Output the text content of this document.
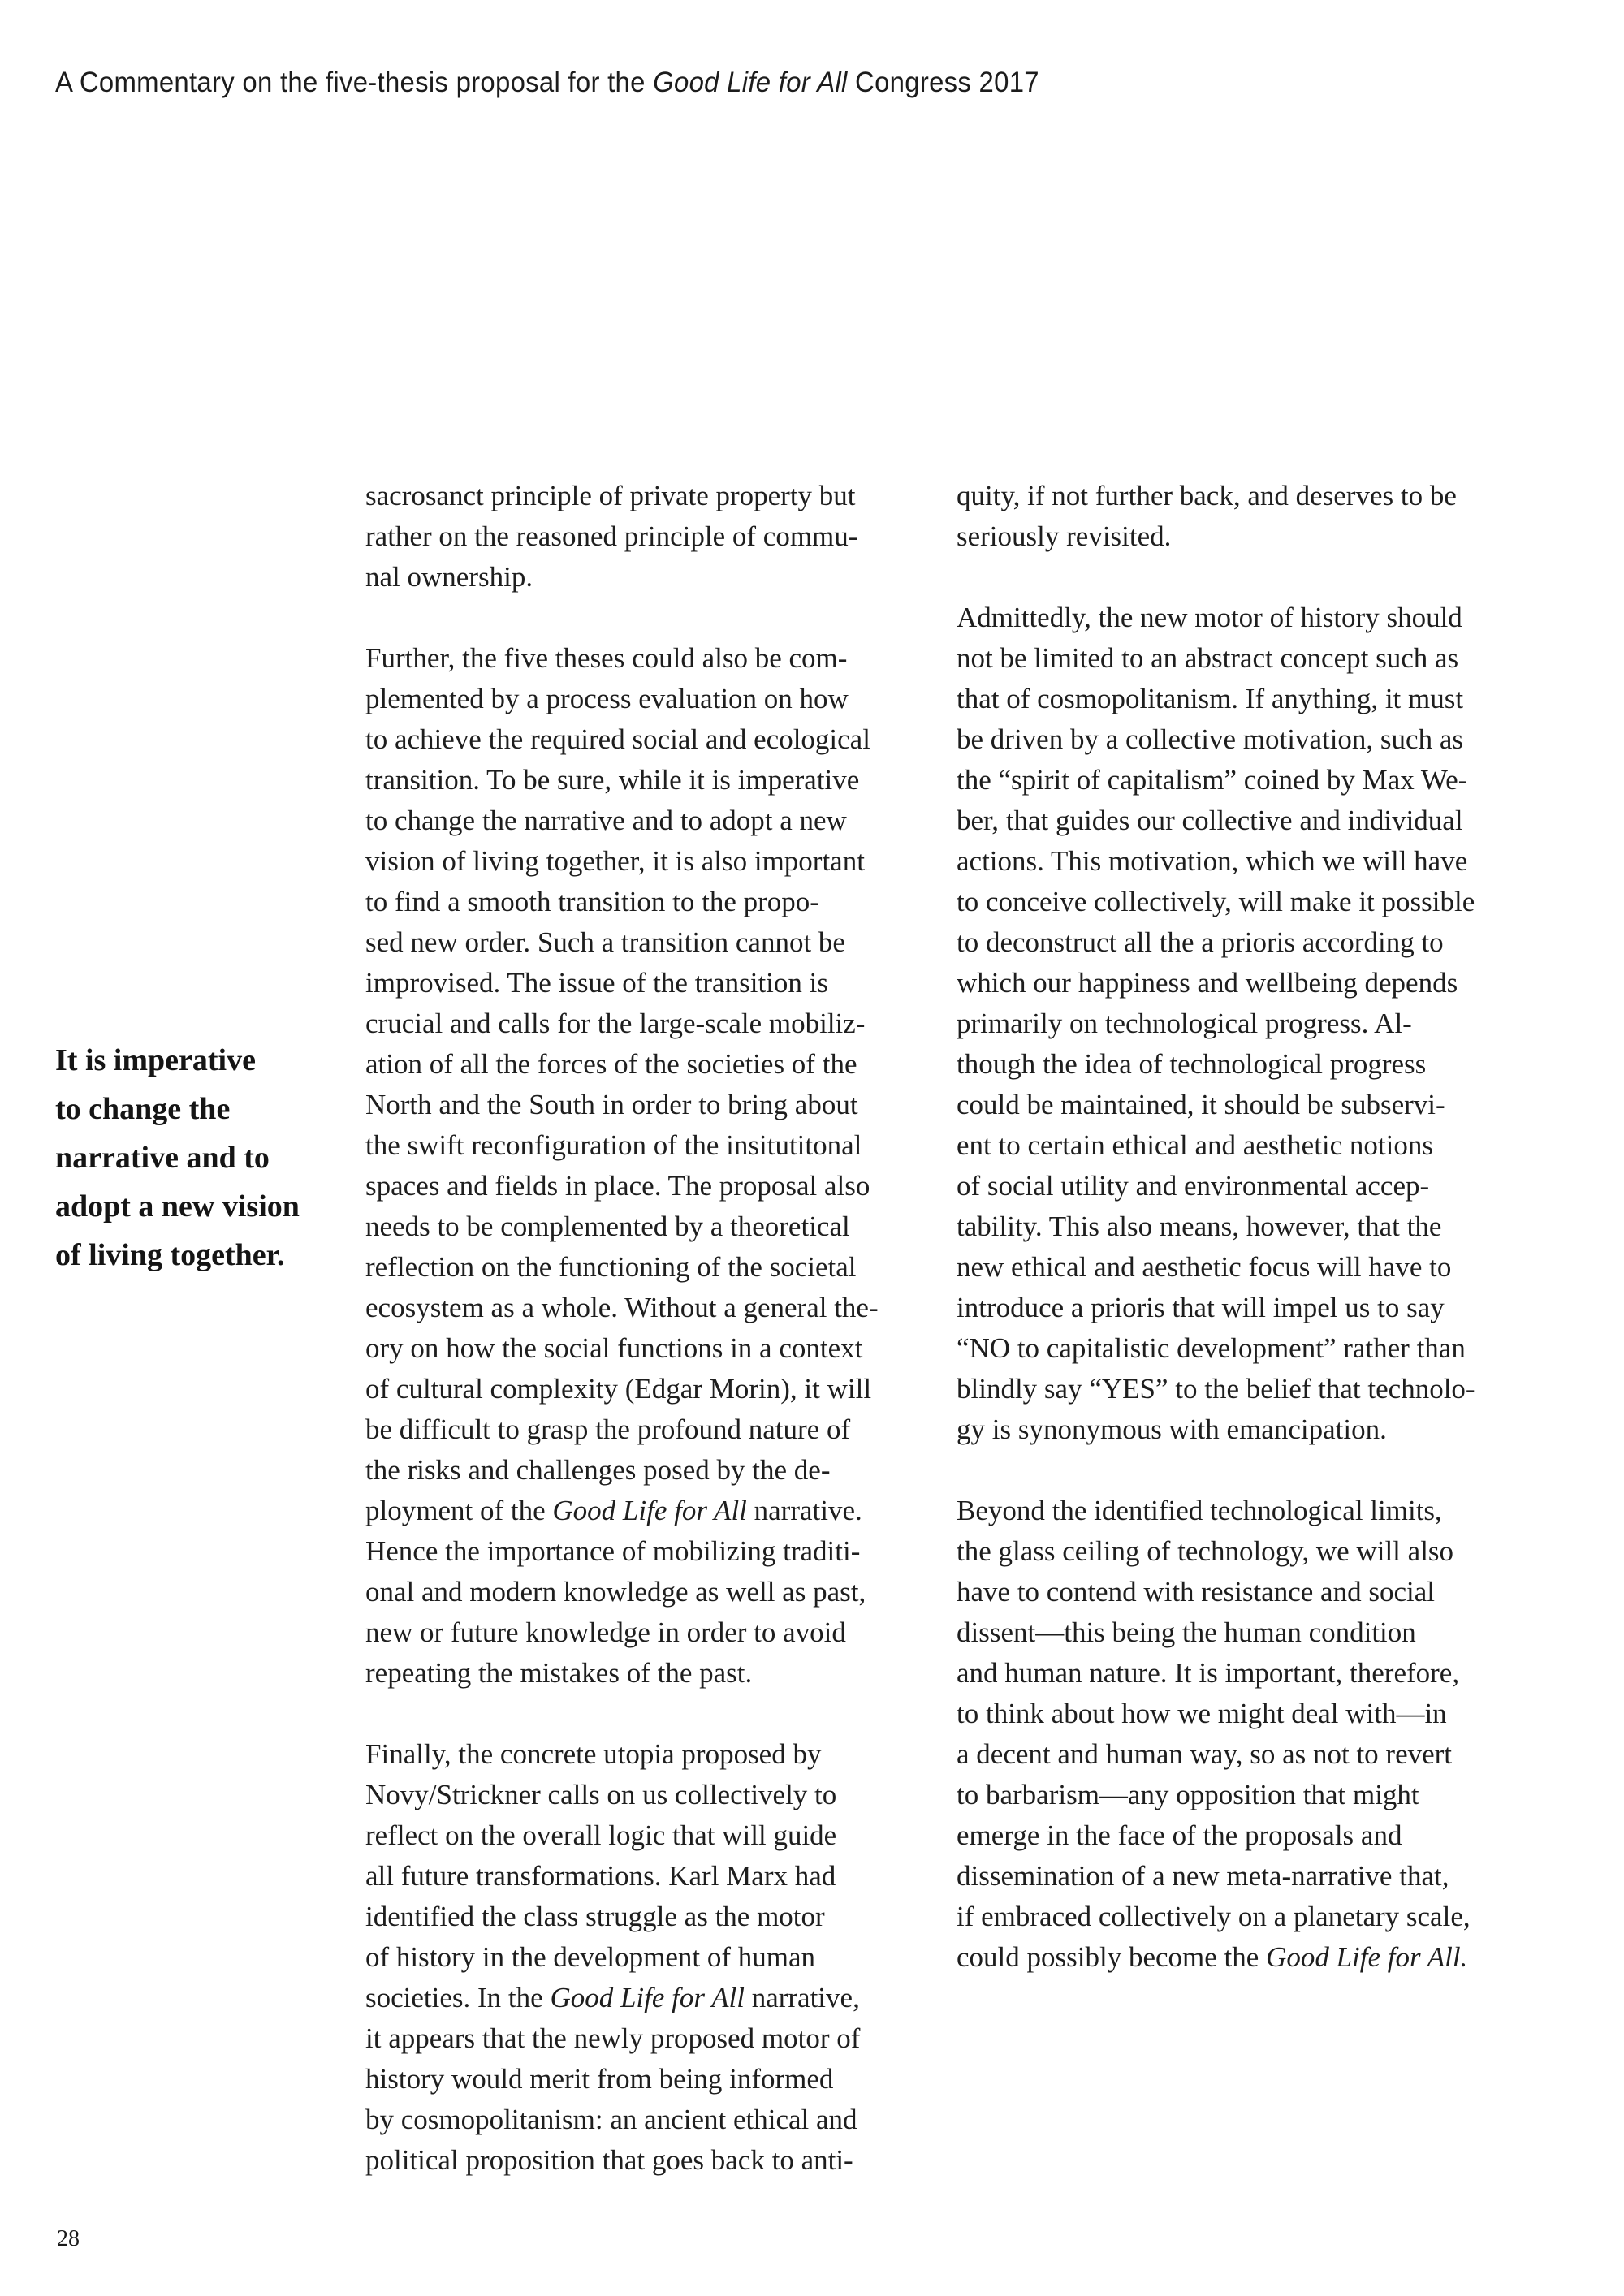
A Commentary on the five-thesis proposal for the Good Life for All Congress 2017
It is imperative
to change the
narrative and to
adopt a new vision
of living together.
sacrosanct principle of private property but
rather on the reasoned principle of commu-
nal ownership.
Further, the five theses could also be com-
plemented by a process evaluation on how
to achieve the required social and ecological
transition. To be sure, while it is imperative
to change the narrative and to adopt a new
vision of living together, it is also important
to find a smooth transition to the propo-
sed new order. Such a transition cannot be
improvised. The issue of the transition is
crucial and calls for the large-scale mobiliz-
ation of all the forces of the societies of the
North and the South in order to bring about
the swift reconfiguration of the insitutitonal
spaces and fields in place. The proposal also
needs to be complemented by a theoretical
reflection on the functioning of the societal
ecosystem as a whole. Without a general the-
ory on how the social functions in a context
of cultural complexity (Edgar Morin), it will
be difficult to grasp the profound nature of
the risks and challenges posed by the de-
ployment of the Good Life for All narrative.
Hence the importance of mobilizing traditi-
onal and modern knowledge as well as past,
new or future knowledge in order to avoid
repeating the mistakes of the past.
Finally, the concrete utopia proposed by
Novy/Strickner calls on us collectively to
reflect on the overall logic that will guide
all future transformations. Karl Marx had
identified the class struggle as the motor
of history in the development of human
societies. In the Good Life for All narrative,
it appears that the newly proposed motor of
history would merit from being informed
by cosmopolitanism: an ancient ethical and
political proposition that goes back to anti-
quity, if not further back, and deserves to be
seriously revisited.
Admittedly, the new motor of history should
not be limited to an abstract concept such as
that of cosmopolitanism. If anything, it must
be driven by a collective motivation, such as
the “spirit of capitalism” coined by Max We-
ber, that guides our collective and individual
actions. This motivation, which we will have
to conceive collectively, will make it possible
to deconstruct all the a prioris according to
which our happiness and wellbeing depends
primarily on technological progress. Al-
though the idea of technological progress
could be maintained, it should be subservi-
ent to certain ethical and aesthetic notions
of social utility and environmental accep-
tability. This also means, however, that the
new ethical and aesthetic focus will have to
introduce a prioris that will impel us to say
“NO to capitalistic development” rather than
blindly say “YES” to the belief that technolo-
gy is synonymous with emancipation.
Beyond the identified technological limits,
the glass ceiling of technology, we will also
have to contend with resistance and social
dissent—this being the human condition
and human nature. It is important, therefore,
to think about how we might deal with—in
a decent and human way, so as not to revert
to barbarism—any opposition that might
emerge in the face of the proposals and
dissemination of a new meta-narrative that,
if embraced collectively on a planetary scale,
could possibly become the Good Life for All.
28
